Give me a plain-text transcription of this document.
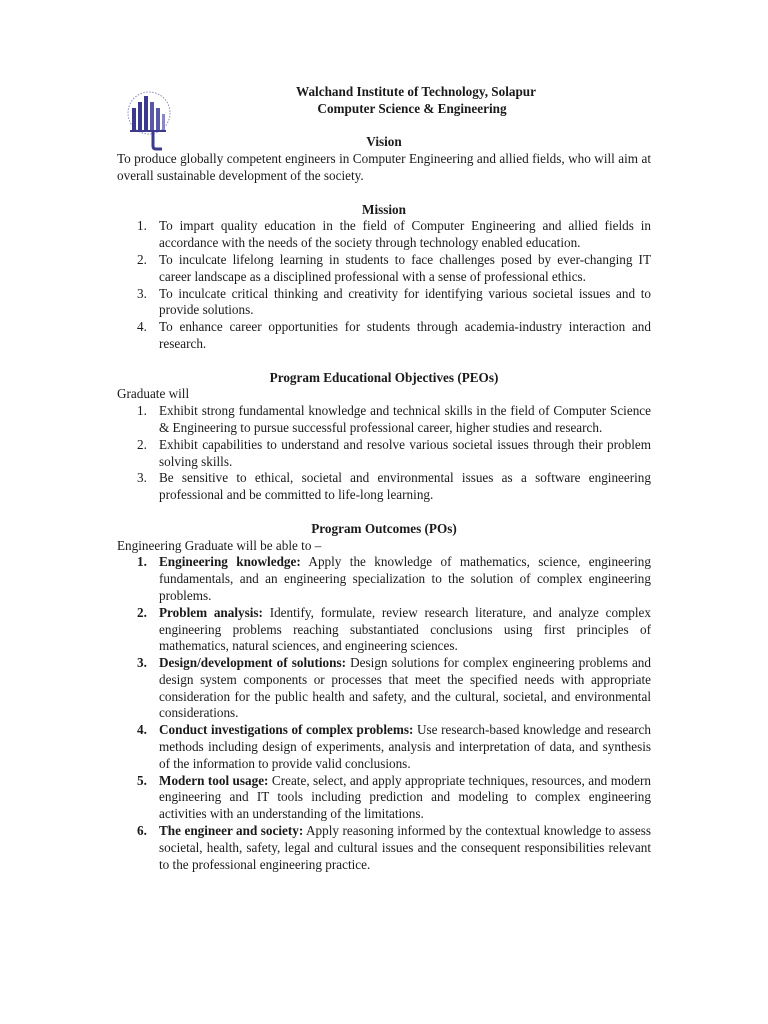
Walchand Institute of Technology, Solapur
Computer Science & Engineering
Vision
To produce globally competent engineers in Computer Engineering and allied fields, who will aim at overall sustainable development of the society.
Mission
1. To impart quality education in the field of Computer Engineering and allied fields in accordance with the needs of the society through technology enabled education.
2. To inculcate lifelong learning in students to face challenges posed by ever-changing IT career landscape as a disciplined professional with a sense of professional ethics.
3. To inculcate critical thinking and creativity for identifying various societal issues and to provide solutions.
4. To enhance career opportunities for students through academia-industry interaction and research.
Program Educational Objectives (PEOs)
Graduate will
1. Exhibit strong fundamental knowledge and technical skills in the field of Computer Science & Engineering to pursue successful professional career, higher studies and research.
2. Exhibit capabilities to understand and resolve various societal issues through their problem solving skills.
3. Be sensitive to ethical, societal and environmental issues as a software engineering professional and be committed to life-long learning.
Program Outcomes (POs)
Engineering Graduate will be able to –
1. Engineering knowledge: Apply the knowledge of mathematics, science, engineering fundamentals, and an engineering specialization to the solution of complex engineering problems.
2. Problem analysis: Identify, formulate, review research literature, and analyze complex engineering problems reaching substantiated conclusions using first principles of mathematics, natural sciences, and engineering sciences.
3. Design/development of solutions: Design solutions for complex engineering problems and design system components or processes that meet the specified needs with appropriate consideration for the public health and safety, and the cultural, societal, and environmental considerations.
4. Conduct investigations of complex problems: Use research-based knowledge and research methods including design of experiments, analysis and interpretation of data, and synthesis of the information to provide valid conclusions.
5. Modern tool usage: Create, select, and apply appropriate techniques, resources, and modern engineering and IT tools including prediction and modeling to complex engineering activities with an understanding of the limitations.
6. The engineer and society: Apply reasoning informed by the contextual knowledge to assess societal, health, safety, legal and cultural issues and the consequent responsibilities relevant to the professional engineering practice.
